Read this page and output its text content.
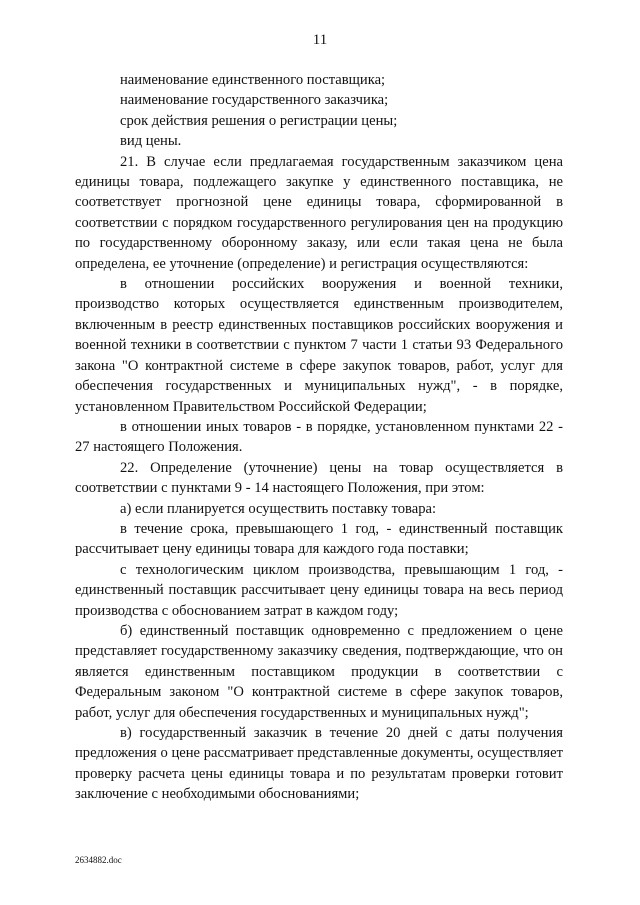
11

наименование единственного поставщика;

наименование государственного заказчика;

срок действия решения о регистрации цены;

вид цены.

21. В случае если предлагаемая государственным заказчиком цена единицы товара, подлежащего закупке у единственного поставщика, не соответствует прогнозной цене единицы товара, сформированной в соответствии с порядком государственного регулирования цен на продукцию по государственному оборонному заказу, или если такая цена не была определена, ее уточнение (определение) и регистрация осуществляются:

в отношении российских вооружения и военной техники, производство которых осуществляется единственным производителем, включенным в реестр единственных поставщиков российских вооружения и военной техники в соответствии с пунктом 7 части 1 статьи 93 Федерального закона "О контрактной системе в сфере закупок товаров, работ, услуг для обеспечения государственных и муниципальных нужд", - в порядке, установленном Правительством Российской Федерации;

в отношении иных товаров - в порядке, установленном пунктами 22 - 27 настоящего Положения.

22. Определение (уточнение) цены на товар осуществляется в соответствии с пунктами 9 - 14 настоящего Положения, при этом:

а) если планируется осуществить поставку товара:

в течение срока, превышающего 1 год, - единственный поставщик рассчитывает цену единицы товара для каждого года поставки;

с технологическим циклом производства, превышающим 1 год, - единственный поставщик рассчитывает цену единицы товара на весь период производства с обоснованием затрат в каждом году;

б) единственный поставщик одновременно с предложением о цене представляет государственному заказчику сведения, подтверждающие, что он является единственным поставщиком продукции в соответствии с Федеральным законом "О контрактной системе в сфере закупок товаров, работ, услуг для обеспечения государственных и муниципальных нужд";

в) государственный заказчик в течение 20 дней с даты получения предложения о цене рассматривает представленные документы, осуществляет проверку расчета цены единицы товара и по результатам проверки готовит заключение с необходимыми обоснованиями;

2634882.doc
